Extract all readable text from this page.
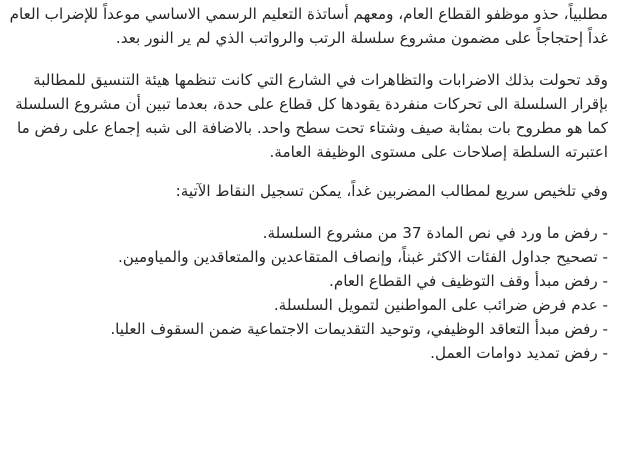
مطلبياً، حذو موظفو القطاع العام، ومعهم أساتذة التعليم الرسمي الاساسي موعداً للإضراب العام غداً إحتجاجاً على مضمون مشروع سلسلة الرتب والرواتب الذي لم ير النور بعد.

وقد تحولت بذلك الاضرابات والتظاهرات في الشارع التي كانت تنظمها هيئة التنسيق للمطالبة بإقرار السلسلة الى تحركات منفردة يقودها كل قطاع على حدة، بعدما تبين أن مشروع السلسلة كما هو مطروح بات بمثابة صيف وشتاء تحت سطح واحد. بالاضافة الى شبه إجماع على رفض ما اعتبرته السلطة إصلاحات على مستوى الوظيفة العامة.

وفي تلخيص سريع لمطالب المضربين غداً، يمكن تسجيل النقاط الآتية:

- رفض ما ورد في نص المادة 37 من مشروع السلسلة.
- تصحيح جداول الفئات الاكثر غبناً، وإنصاف المتقاعدين والمتعاقدين والمياومين.
- رفض مبدأ وقف التوظيف في القطاع العام.
- عدم فرض ضرائب على المواطنين لتمويل السلسلة.
- رفض مبدأ التعاقد الوظيفي، وتوحيد التقديمات الاجتماعية ضمن السقوف العليا.
- رفض تمديد دوامات العمل.
